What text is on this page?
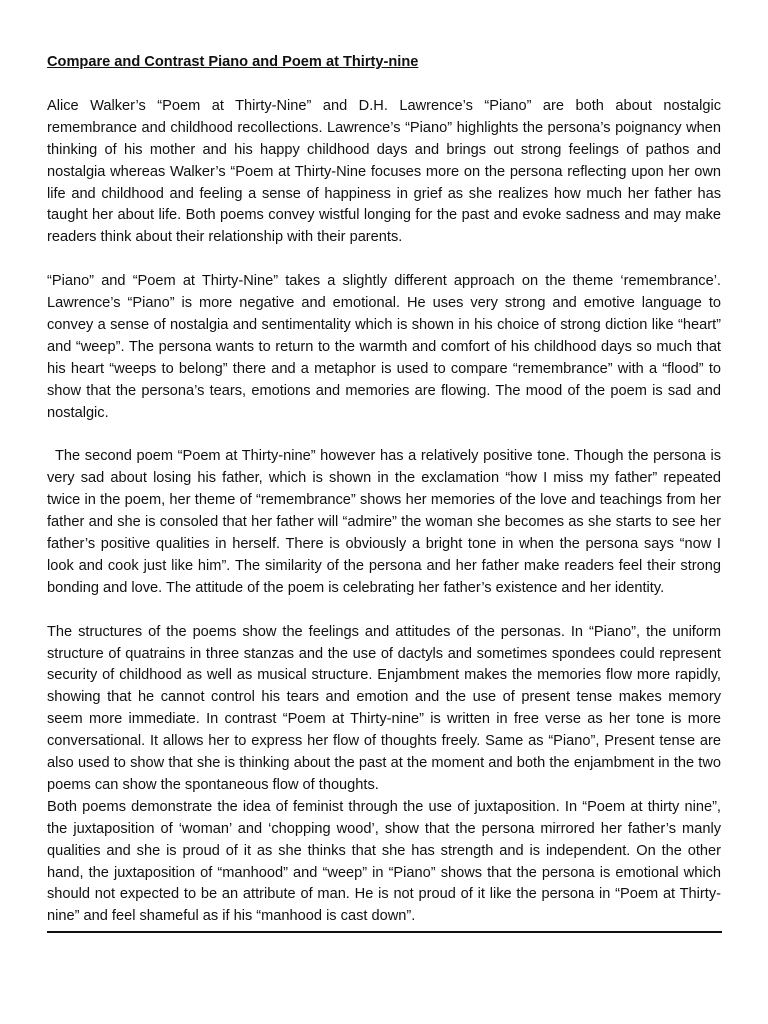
Compare and Contrast Piano and Poem at Thirty-nine

Alice Walker’s “Poem at Thirty-Nine” and D.H. Lawrence’s “Piano” are both about nostalgic remembrance and childhood recollections. Lawrence’s “Piano” highlights the persona’s poignancy when thinking of his mother and his happy childhood days and brings out strong feelings of pathos and nostalgia whereas Walker’s “Poem at Thirty-Nine focuses more on the persona reflecting upon her own life and childhood and feeling a sense of happiness in grief as she realizes how much her father has taught her about life. Both poems convey wistful longing for the past and evoke sadness and may make readers think about their relationship with their parents.

“Piano” and “Poem at Thirty-Nine” takes a slightly different approach on the theme ‘remembrance’. Lawrence’s “Piano” is more negative and emotional. He uses very strong and emotive language to convey a sense of nostalgia and sentimentality which is shown in his choice of strong diction like “heart” and “weep”. The persona wants to return to the warmth and comfort of his childhood days so much that his heart “weeps to belong” there and a metaphor is used to compare “remembrance” with a “flood” to show that the persona’s tears, emotions and memories are flowing. The mood of the poem is sad and nostalgic.

The second poem “Poem at Thirty-nine” however has a relatively positive tone. Though the persona is very sad about losing his father, which is shown in the exclamation “how I miss my father” repeated twice in the poem, her theme of “remembrance” shows her memories of the love and teachings from her father and she is consoled that her father will “admire” the woman she becomes as she starts to see her father’s positive qualities in herself. There is obviously a bright tone in when the persona says “now I look and cook just like him”. The similarity of the persona and her father make readers feel their strong bonding and love. The attitude of the poem is celebrating her father’s existence and her identity.

The structures of the poems show the feelings and attitudes of the personas. In “Piano”, the uniform structure of quatrains in three stanzas and the use of dactyls and sometimes spondees could represent security of childhood as well as musical structure. Enjambment makes the memories flow more rapidly, showing that he cannot control his tears and emotion and the use of present tense makes memory seem more immediate. In contrast “Poem at Thirty-nine” is written in free verse as her tone is more conversational. It allows her to express her flow of thoughts freely. Same as “Piano”, Present tense are also used to show that she is thinking about the past at the moment and both the enjambment in the two poems can show the spontaneous flow of thoughts.

Both poems demonstrate the idea of feminist through the use of juxtaposition. In “Poem at thirty nine”, the juxtaposition of ‘woman’ and ‘chopping wood’, show that the persona mirrored her father’s manly qualities and she is proud of it as she thinks that she has strength and is independent. On the other hand, the juxtaposition of “manhood” and “weep” in “Piano” shows that the persona is emotional which should not expected to be an attribute of man. He is not proud of it like the persona in “Poem at Thirty-nine” and feel shameful as if his “manhood is cast down”.
